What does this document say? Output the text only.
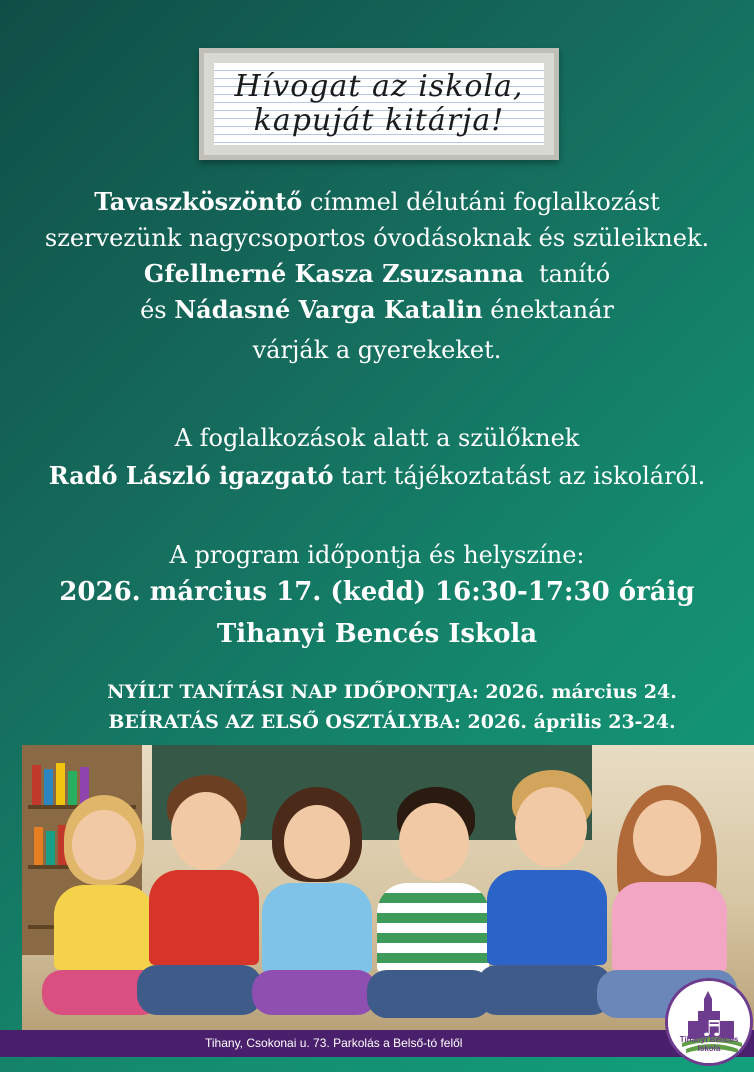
Hívogat az iskola,
kapuját kitárja!
Tavaszköszöntő címmel délutáni foglalkozást
szervezünk nagycsoportos óvodásoknak és szüleiknek.
Gfellnerné Kasza Zsuzsanna  tanító
és Nádasné Varga Katalin énektanár
várják a gyerekeket.
A foglalkozások alatt a szülőknek
Radó László igazgató tart tájékoztatást az iskoláról.
A program időpontja és helyszíne:
2026. március 17. (kedd) 16:30-17:30 óráig
Tihanyi Bencés Iskola
NYÍLT TANÍTÁSI NAP IDŐPONTJA: 2026. március 24.
BEÍRATÁS AZ ELSŐ OSZTÁLYBA: 2026. április 23-24.
Tihany, Csokonai u. 73. Parkolás a Belső-tó felől
♬
Tihanyi Bencés Iskola
